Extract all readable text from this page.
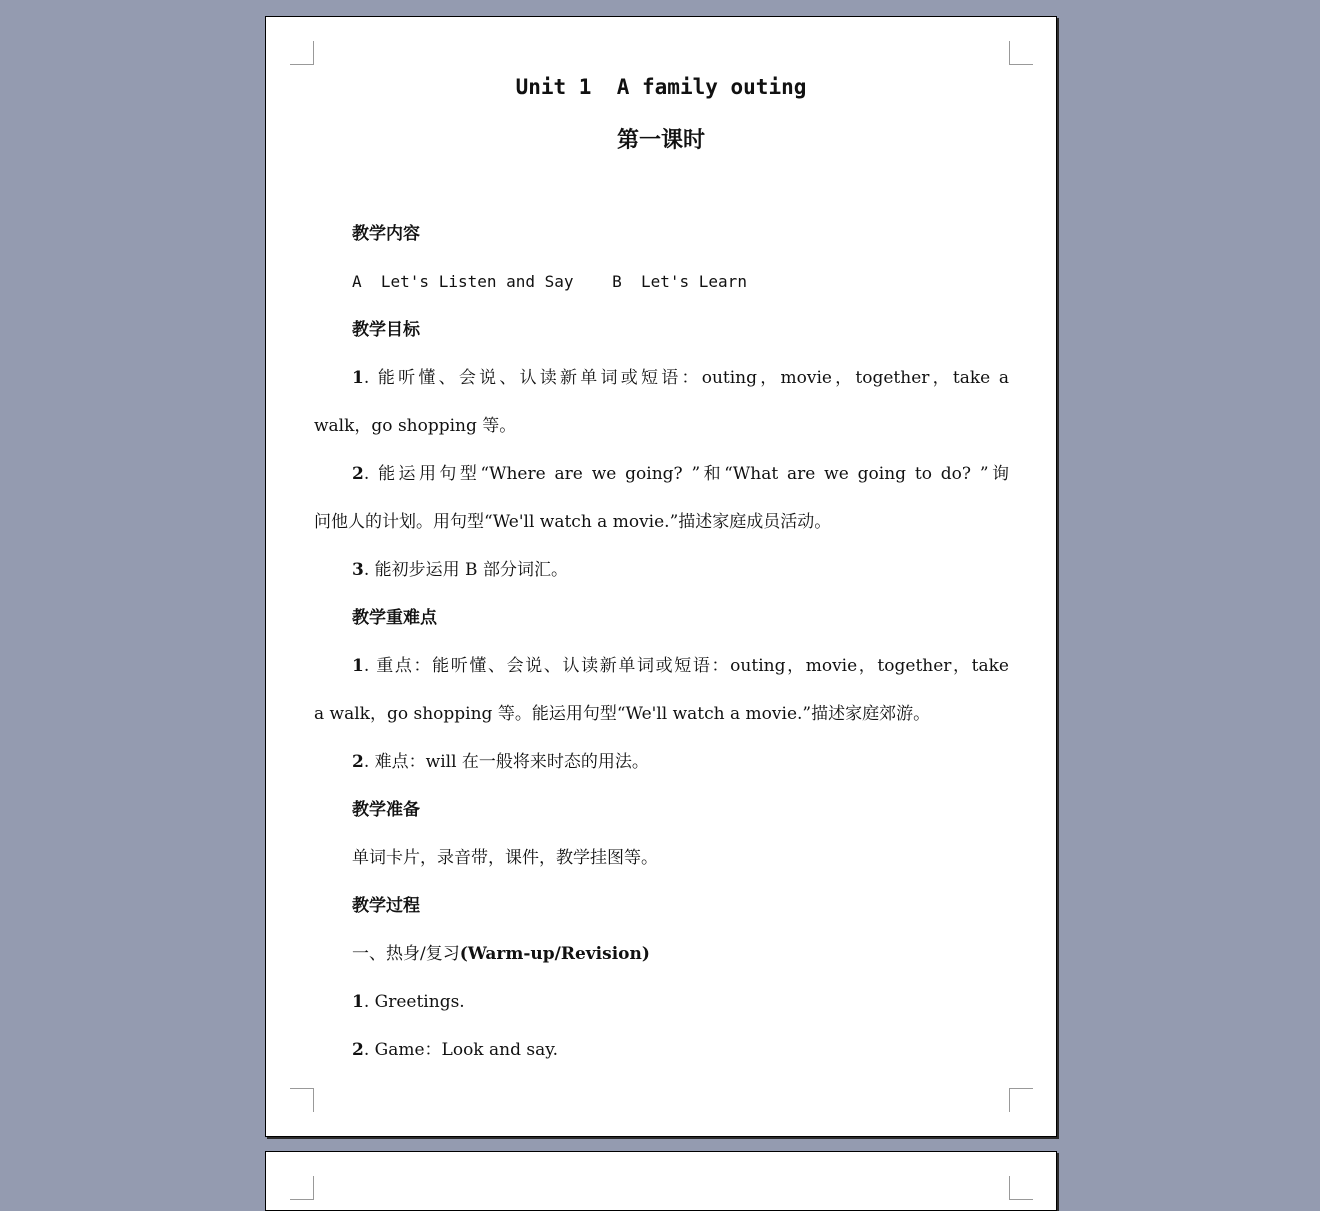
Unit 1  A family outing
第一课时
教学内容
A  Let's Listen and Say    B  Let's Learn
教学目标
1. 能听懂、会说、认读新单词或短语：outing，movie，together，take a
walk，go shopping 等。
2. 能运用句型“Where are we going? ”和“What are we going to do? ”询
问他人的计划。用句型“We'll watch a movie.”描述家庭成员活动。
3. 能初步运用 B 部分词汇。
教学重难点
1. 重点：能听懂、会说、认读新单词或短语：outing，movie，together，take
a walk，go shopping 等。能运用句型“We'll watch a movie.”描述家庭郊游。
2. 难点：will 在一般将来时态的用法。
教学准备
单词卡片，录音带，课件，教学挂图等。
教学过程
一、热身/复习(Warm-up/Revision)
1. Greetings.
2. Game：Look and say.
